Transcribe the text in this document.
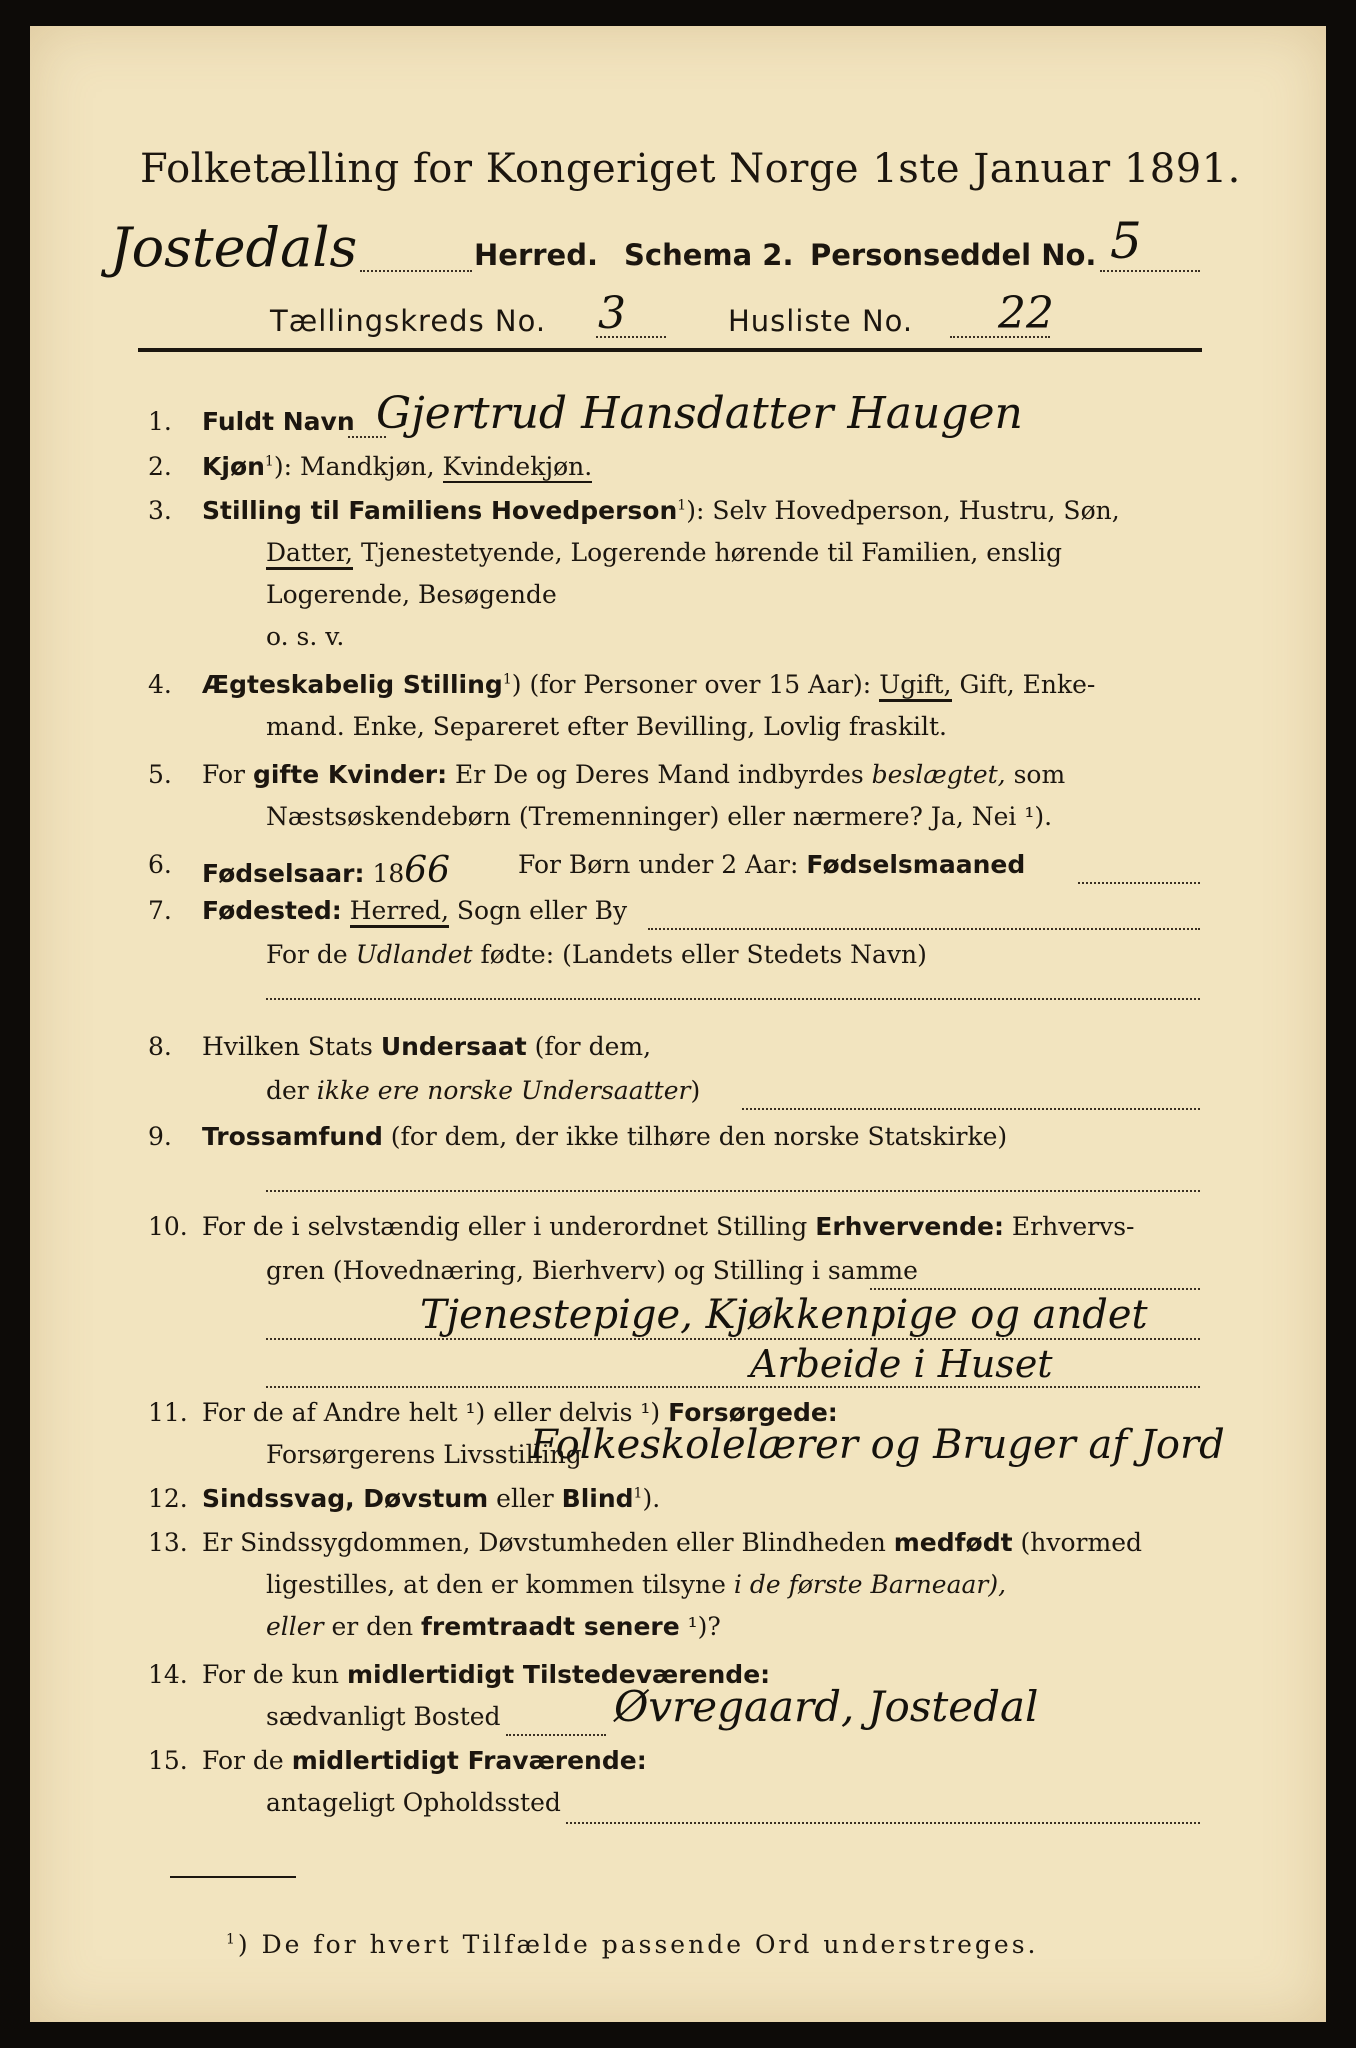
Folketælling for Kongeriget Norge 1ste Januar 1891.
Jostedals	Herred. Schema 2. Personseddel No. 5
Tællingskreds No. 3	Husliste No. 22
1. Fuldt Navn Gjertrud Hansdatter Haugen
2. Kjøn$^1$): Mandkjøn, Kvindekjøn.
3. Stilling til Familiens Hovedperson$^1$): Selv Hovedperson, Hustru, Søn,
Datter, Tjenestetyende, Logerende hørende til Familien, enslig
Logerende, Besøgende
o. s. v.
4. Ægteskabelig Stilling$^1$) (for Personer over 15 Aar): Ugift, Gift, Enke-
mand. Enke, Separeret efter Bevilling, Lovlig fraskilt.
5. For gifte Kvinder: Er De og Deres Mand indbyrdes beslægtet, som
Næstsøskendebørn (Tremenninger) eller nærmere? Ja, Nei ¹).
6. Fødselsaar: 1866	For Børn under 2 Aar: Fødselsmaaned
7. Fødested: Herred, Sogn eller By
For de Udlandet fødte: (Landets eller Stedets Navn)
8. Hvilken Stats Undersaat (for dem,
der ikke ere norske Undersaatter)
9. Trossamfund (for dem, der ikke tilhøre den norske Statskirke)
10. For de i selvstændig eller i underordnet Stilling Erhvervende: Erhvervs-
gren (Hovednæring, Bierhverv) og Stilling i samme
Tjenestepige, Kjøkkenpige og andet
Arbeide i Huset
11. For de af Andre helt ¹) eller delvis ¹) Forsørgede:
Forsørgerens Livsstilling
Folkeskolelærer og Bruger af Jord
12. Sindssvag, Døvstum eller Blind$^1$).
13. Er Sindssygdommen, Døvstumheden eller Blindheden medfødt (hvormed
ligestilles, at den er kommen tilsyne i de første Barneaar),
eller er den fremtraadt senere ¹)?
14. For de kun midlertidigt Tilstedeværende:
sædvanligt Bosted	Øvregaard, Jostedal
15. For de midlertidigt Fraværende:
antageligt Opholdssted
$^1$) De for hvert Tilfælde passende Ord understreges.
